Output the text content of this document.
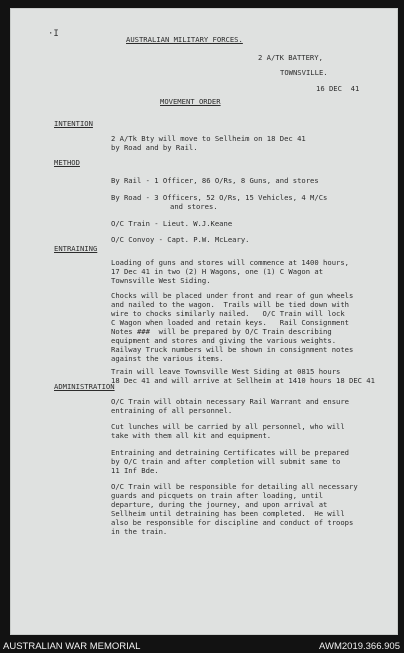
·I
AUSTRALIAN MILITARY FORCES.
2 A/TK BATTERY,
TOWNSVILLE.
16 DEC  41
MOVEMENT ORDER
INTENTION
2 A/Tk Bty will move to Sellheim on 18 Dec 41
by Road and by Rail.
METHOD
By Rail - 1 Officer, 86 O/Rs, 8 Guns, and stores
By Road - 3 Officers, 52 O/Rs, 15 Vehicles, 4 M/Cs
and stores.
O/C Train - Lieut. W.J.Keane
O/C Convoy - Capt. P.W. McLeary.
ENTRAINING
Loading of guns and stores will commence at 1400 hours,
17 Dec 41 in two (2) H Wagons, one (1) C Wagon at
Townsville West Siding.
Chocks will be placed under front and rear of gun wheels
and nailed to the wagon.  Trails will be tied down with
wire to chocks similarly nailed.   O/C Train will lock
C Wagon when loaded and retain keys.   Rail Consignment
Notes ###  will be prepared by O/C Train describing
equipment and stores and giving the various weights.
Railway Truck numbers will be shown in consignment notes
against the various items.
Train will leave Townsville West Siding at 0815 hours
18 Dec 41 and will arrive at Sellheim at 1410 hours 18 DEC 41
ADMINISTRATION
O/C Train will obtain necessary Rail Warrant and ensure
entraining of all personnel.
Cut lunches will be carried by all personnel, who will
take with them all kit and equipment.
Entraining and detraining Certificates will be prepared
by O/C train and after completion will submit same to
11 Inf Bde.
O/C Train will be responsible for detailing all necessary
guards and picquets on train after loading, until
departure, during the journey, and upon arrival at
Sellheim until detraining has been completed.  He will
also be responsible for discipline and conduct of troops
in the train.
AUSTRALIAN WAR MEMORIAL	AWM2019.366.905
